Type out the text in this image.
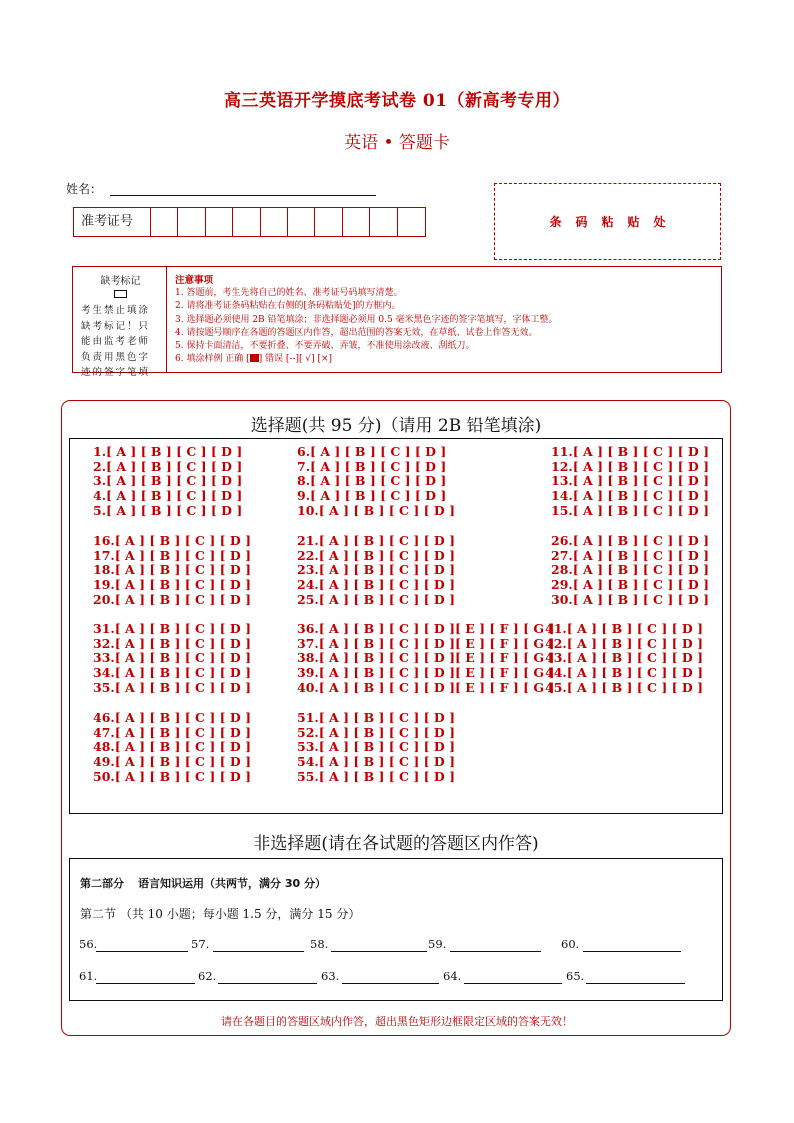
高三英语开学摸底考试卷 01（新高考专用）
英语 • 答题卡
姓名：
准考证号	条码粘贴处
缺考标记
考生禁止填涂缺考标记！只能由监考老师负责用黑色字迹的签字笔填
注意事项
1. 答题前，考生先将自己的姓名、准考证号码填写清楚。
2. 请将准考证条码粘贴在右侧的[条码粘贴处]的方框内。
3. 选择题必须使用 2B 铅笔填涂；非选择题必须用 0.5 毫米黑色字迹的签字笔填写，字体工整。
4. 请按题号顺序在各题的答题区内作答，超出范围的答案无效，在草纸、试卷上作答无效。
5. 保持卡面清洁，不要折叠、不要弄破、弄皱，不准使用涂改液、刮纸刀。
6. 填涂样例 正确 [ ] 错误 [--][ √] [×]
选择题(共 95 分)（请用 2B 铅笔填涂)
1.[ A ] [ B ] [ C ] [ D ]
2.[ A ] [ B ] [ C ] [ D ]
3.[ A ] [ B ] [ C ] [ D ]
4.[ A ] [ B ] [ C ] [ D ]
5.[ A ] [ B ] [ C ] [ D ]
6.[ A ] [ B ] [ C ] [ D ]
7.[ A ] [ B ] [ C ] [ D ]
8.[ A ] [ B ] [ C ] [ D ]
9.[ A ] [ B ] [ C ] [ D ]
10.[ A ] [ B ] [ C ] [ D ]
11.[ A ] [ B ] [ C ] [ D ]
12.[ A ] [ B ] [ C ] [ D ]
13.[ A ] [ B ] [ C ] [ D ]
14.[ A ] [ B ] [ C ] [ D ]
15.[ A ] [ B ] [ C ] [ D ]
16.[ A ] [ B ] [ C ] [ D ]
17.[ A ] [ B ] [ C ] [ D ]
18.[ A ] [ B ] [ C ] [ D ]
19.[ A ] [ B ] [ C ] [ D ]
20.[ A ] [ B ] [ C ] [ D ]
21.[ A ] [ B ] [ C ] [ D ]
22.[ A ] [ B ] [ C ] [ D ]
23.[ A ] [ B ] [ C ] [ D ]
24.[ A ] [ B ] [ C ] [ D ]
25.[ A ] [ B ] [ C ] [ D ]
26.[ A ] [ B ] [ C ] [ D ]
27.[ A ] [ B ] [ C ] [ D ]
28.[ A ] [ B ] [ C ] [ D ]
29.[ A ] [ B ] [ C ] [ D ]
30.[ A ] [ B ] [ C ] [ D ]
31.[ A ] [ B ] [ C ] [ D ]
32.[ A ] [ B ] [ C ] [ D ]
33.[ A ] [ B ] [ C ] [ D ]
34.[ A ] [ B ] [ C ] [ D ]
35.[ A ] [ B ] [ C ] [ D ]
36.[ A ] [ B ] [ C ] [ D ][ E ] [ F ] [ G ]
37.[ A ] [ B ] [ C ] [ D ][ E ] [ F ] [ G ]
38.[ A ] [ B ] [ C ] [ D ][ E ] [ F ] [ G ]
39.[ A ] [ B ] [ C ] [ D ][ E ] [ F ] [ G ]
40.[ A ] [ B ] [ C ] [ D ][ E ] [ F ] [ G ]
41.[ A ] [ B ] [ C ] [ D ]
42.[ A ] [ B ] [ C ] [ D ]
43.[ A ] [ B ] [ C ] [ D ]
44.[ A ] [ B ] [ C ] [ D ]
45.[ A ] [ B ] [ C ] [ D ]
46.[ A ] [ B ] [ C ] [ D ]
47.[ A ] [ B ] [ C ] [ D ]
48.[ A ] [ B ] [ C ] [ D ]
49.[ A ] [ B ] [ C ] [ D ]
50.[ A ] [ B ] [ C ] [ D ]
51.[ A ] [ B ] [ C ] [ D ]
52.[ A ] [ B ] [ C ] [ D ]
53.[ A ] [ B ] [ C ] [ D ]
54.[ A ] [ B ] [ C ] [ D ]
55.[ A ] [ B ] [ C ] [ D ]
非选择题(请在各试题的答题区内作答)
第二部分 语言知识运用（共两节，满分 30 分）
第二节 （共 10 小题；每小题 1.5 分，满分 15 分）
56.	57.	58.	59.	60.
61.	62.	63.	64.	65.
请在各题目的答题区域内作答，超出黑色矩形边框限定区域的答案无效！
